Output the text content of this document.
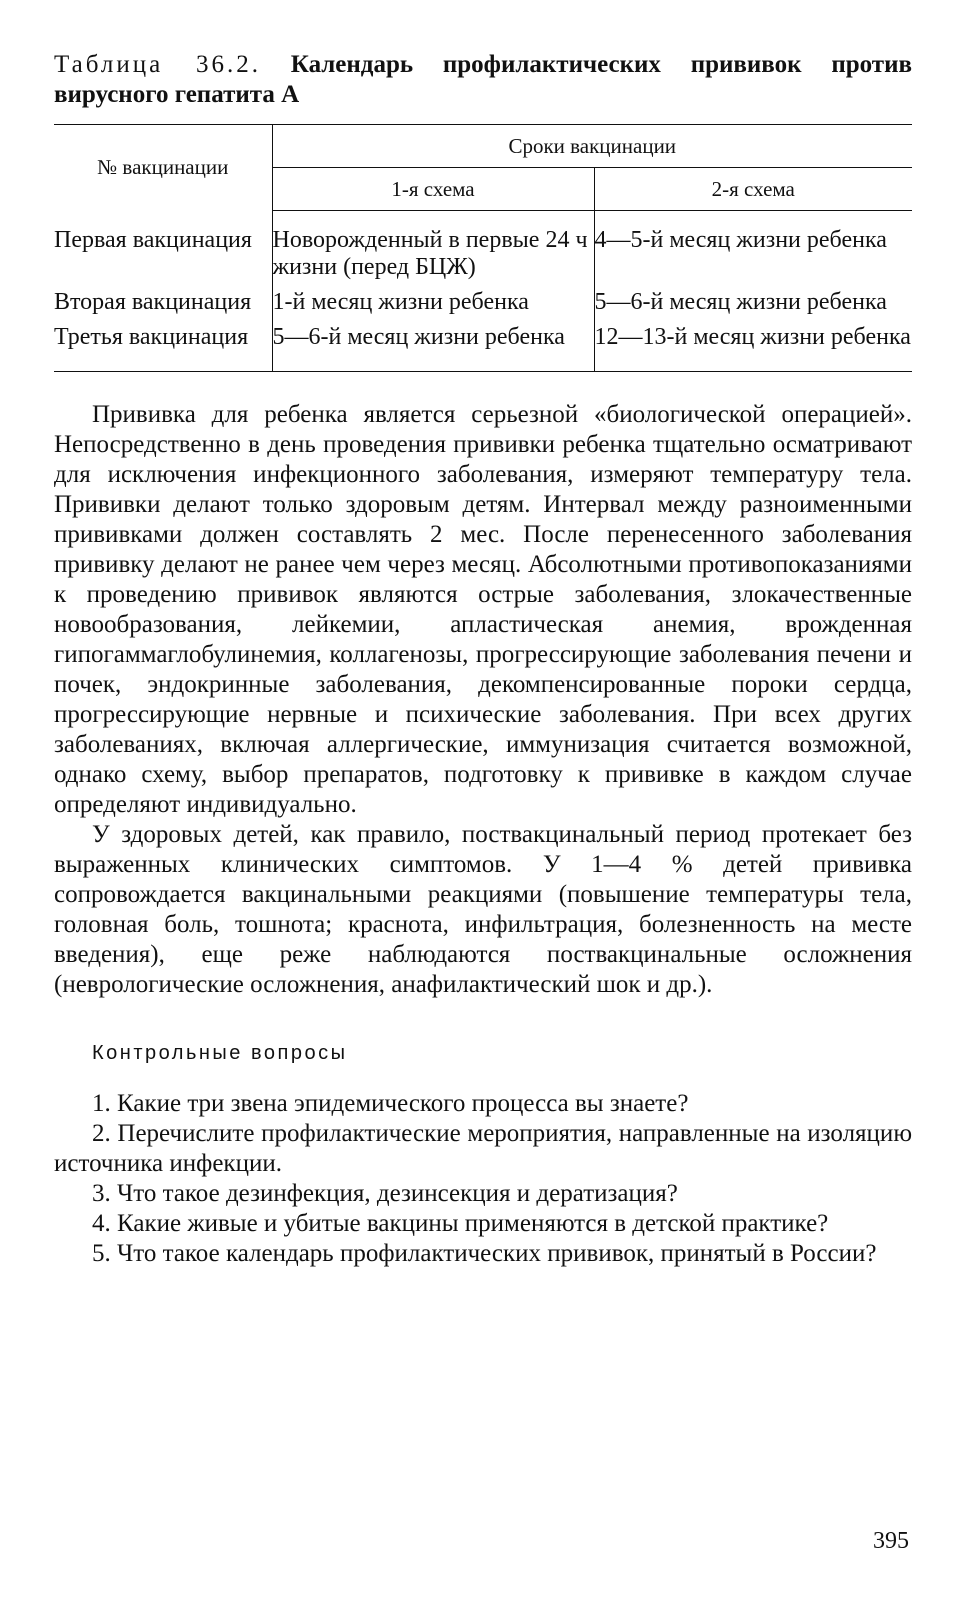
Таблица 36.2. Календарь профилактических прививок против вирусного гепатита А

№ вакцинации	Сроки вакцинации	
	1-я схема	2-я схема
Первая вакцинация	Новорожденный в первые 24 ч жизни (перед БЦЖ)	4—5-й месяц жизни ребенка
Вторая вакцинация	1-й месяц жизни ребенка	5—6-й месяц жизни ребенка
Третья вакцинация	5—6-й месяц жизни ребенка	12—13-й месяц жизни ребенка

Прививка для ребенка является серьезной «биологической операцией». Непосредственно в день проведения прививки ребенка тщательно осматривают для исключения инфекционного заболевания, измеряют температуру тела. Прививки делают только здоровым детям. Интервал между разноименными прививками должен составлять 2 мес. После перенесенного заболевания прививку делают не ранее чем через месяц. Абсолютными противопоказаниями к проведению прививок являются острые заболевания, злокачественные новообразования, лейкемии, апластическая анемия, врожденная гипогаммаглобулинемия, коллагенозы, прогрессирующие заболевания печени и почек, эндокринные заболевания, декомпенсированные пороки сердца, прогрессирующие нервные и психические заболевания. При всех других заболеваниях, включая аллергические, иммунизация считается возможной, однако схему, выбор препаратов, подготовку к прививке в каждом случае определяют индивидуально.

У здоровых детей, как правило, поствакцинальный период протекает без выраженных клинических симптомов. У 1—4 % детей прививка сопровождается вакцинальными реакциями (повышение температуры тела, головная боль, тошнота; краснота, инфильтрация, болезненность на месте введения), еще реже наблюдаются поствакцинальные осложнения (неврологические осложнения, анафилактический шок и др.).

Контрольные вопросы

1. Какие три звена эпидемического процесса вы знаете?

2. Перечислите профилактические мероприятия, направленные на изоляцию источника инфекции.

3. Что такое дезинфекция, дезинсекция и дератизация?

4. Какие живые и убитые вакцины применяются в детской практике?

5. Что такое календарь профилактических прививок, принятый в России?

395
